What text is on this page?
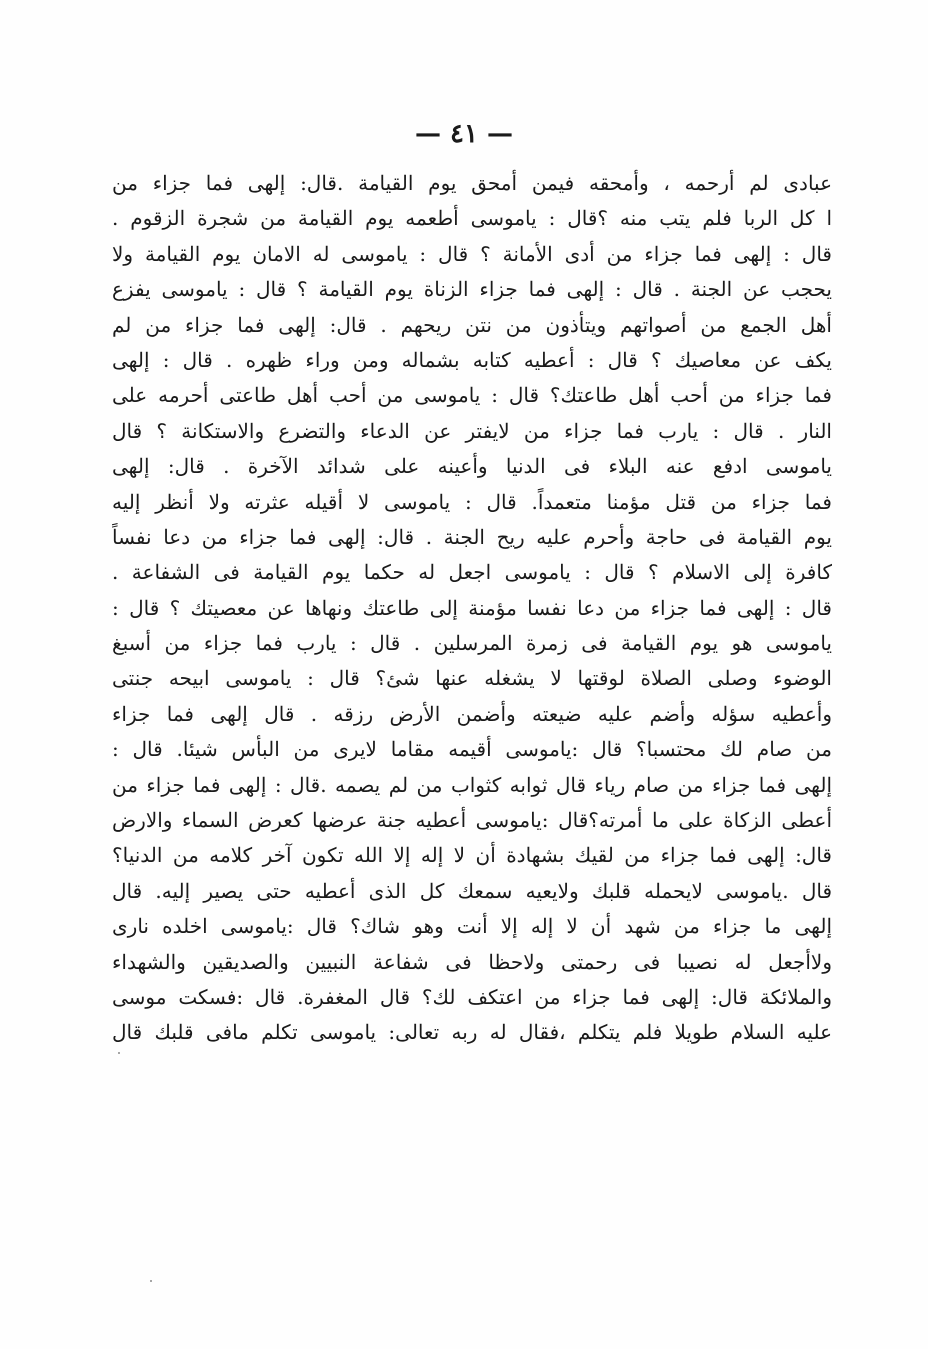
— ٤١ —
عبادى لم أرحمه ، وأمحقه فيمن أمحق يوم القيامة .قال: إلهى فما جزاء من
ا كل الربا فلم يتب منه ؟قال : ياموسى أطعمه يوم القيامة من شجرة الزقوم .
قال : إلهى فما جزاء من أدى الأمانة ؟ قال : ياموسى له الامان يوم القيامة ولا
يحجب عن الجنة . قال : إلهى فما جزاء الزناة يوم القيامة ؟ قال : ياموسى يفزع
أهل الجمع من أصواتهم ويتأذون من نتن ريحهم . قال: إلهى فما جزاء من لم
يكف عن معاصيك ؟ قال : أعطيه كتابه بشماله ومن وراء ظهره . قال : إلهى
فما جزاء من أحب أهل طاعتك؟ قال : ياموسى من أحب أهل طاعتى أحرمه على
النار . قال : يارب فما جزاء من لايفتر عن الدعاء والتضرع والاستكانة ؟ قال
ياموسى ادفع عنه البلاء فى الدنيا وأعينه على شدائد الآخرة . قال: إلهى
فما جزاء من قتل مؤمنا متعمداً. قال : ياموسى لا أقيله عثرته ولا أنظر إليه
يوم القيامة فى حاجة وأحرم عليه ريح الجنة . قال: إلهى فما جزاء من دعا نفساً
كافرة إلى الاسلام ؟ قال : ياموسى اجعل له حكما يوم القيامة فى الشفاعة .
قال : إلهى فما جزاء من دعا نفسا مؤمنة إلى طاعتك ونهاها عن معصيتك ؟ قال :
ياموسى هو يوم القيامة فى زمرة المرسلين . قال : يارب فما جزاء من أسبغ
الوضوء وصلى الصلاة لوقتها لا يشغله عنها شئ؟ قال : ياموسى ابيحه جنتى
وأعطيه سؤله وأضم عليه ضيعته وأضمن الأرض رزقه . قال إلهى فما جزاء
من صام لك محتسبا؟ قال :ياموسى أقيمه مقاما لايرى من البأس شيئا. قال :
إلهى فما جزاء من صام رياء قال ثوابه كثواب من لم يصمه .قال : إلهى فما جزاء من
أعطى الزكاة على ما أمرته؟قال :ياموسى أعطيه جنة عرضها كعرض السماء والارض
قال: إلهى فما جزاء من لقيك بشهادة أن لا إله إلا الله تكون آخر كلامه من الدنيا؟
قال .ياموسى لايحمله قلبك ولايعيه سمعك كل الذى أعطيه حتى يصير إليه. قال
إلهى ما جزاء من شهد أن لا إله إلا أنت وهو شاك؟ قال :ياموسى اخلده نارى
ولاأجعل له نصيبا فى رحمتى ولاحظا فى شفاعة النبيين والصديقين والشهداء
والملائكة قال: إلهى فما جزاء من اعتكف لك؟ قال المغفرة. قال :فسكت موسى
عليه السلام طويلا فلم يتكلم ،فقال له ربه تعالى: ياموسى تكلم مافى قلبك قال
